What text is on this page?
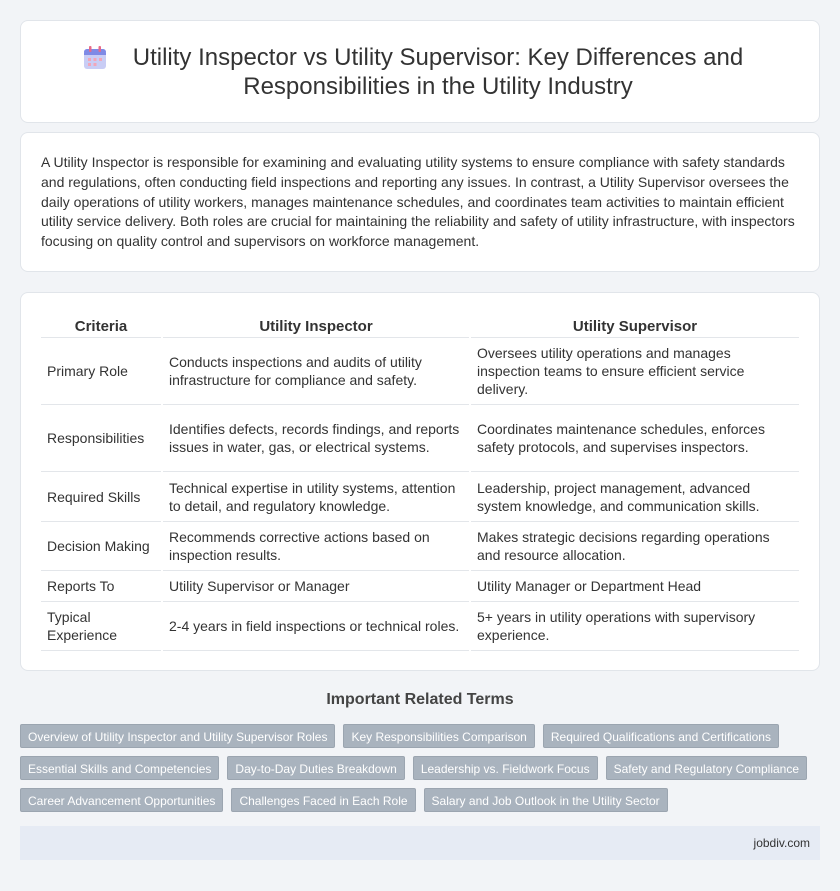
Utility Inspector vs Utility Supervisor: Key Differences and Responsibilities in the Utility Industry

A Utility Inspector is responsible for examining and evaluating utility systems to ensure compliance with safety standards and regulations, often conducting field inspections and reporting any issues. In contrast, a Utility Supervisor oversees the daily operations of utility workers, manages maintenance schedules, and coordinates team activities to maintain efficient utility service delivery. Both roles are crucial for maintaining the reliability and safety of utility infrastructure, with inspectors focusing on quality control and supervisors on workforce management.

Criteria	Utility Inspector	Utility Supervisor
Primary Role	Conducts inspections and audits of utility infrastructure for compliance and safety.	Oversees utility operations and manages inspection teams to ensure efficient service delivery.
Responsibilities	Identifies defects, records findings, and reports issues in water, gas, or electrical systems.	Coordinates maintenance schedules, enforces safety protocols, and supervises inspectors.
Required Skills	Technical expertise in utility systems, attention to detail, and regulatory knowledge.	Leadership, project management, advanced system knowledge, and communication skills.
Decision Making	Recommends corrective actions based on inspection results.	Makes strategic decisions regarding operations and resource allocation.
Reports To	Utility Supervisor or Manager	Utility Manager or Department Head
Typical Experience	2-4 years in field inspections or technical roles.	5+ years in utility operations with supervisory experience.
Important Related Terms
Overview of Utility Inspector and Utility Supervisor Roles	Key Responsibilities Comparison	Required Qualifications and Certifications
Essential Skills and Competencies	Day-to-Day Duties Breakdown	Leadership vs. Fieldwork Focus	Safety and Regulatory Compliance
Career Advancement Opportunities	Challenges Faced in Each Role	Salary and Job Outlook in the Utility Sector
jobdiv.com
